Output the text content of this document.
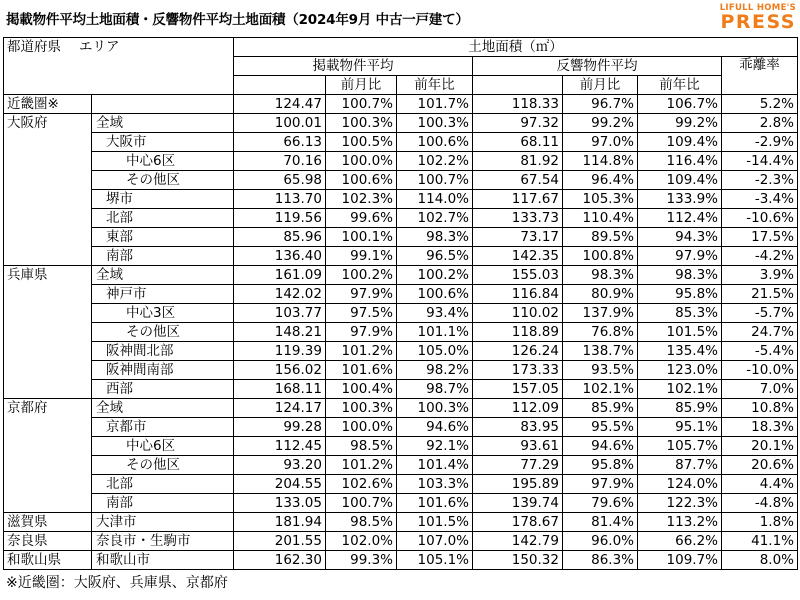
掲載物件平均土地面積・反響物件平均土地面積（2024年9月 中古一戸建て）
LIFULL HOME'S
PRESS
都道府県 エリア		土地面積（㎡）						
		掲載物件平均			反響物件平均			乖離率
			前月比	前年比		前月比	前年比	
近畿圏※		124.47	100.7%	101.7%	118.33	96.7%	106.7%	5.2%
大阪府	全域	100.01	100.3%	100.3%	97.32	99.2%	99.2%	2.8%
	大阪市	66.13	100.5%	100.6%	68.11	97.0%	109.4%	-2.9%
	中心6区	70.16	100.0%	102.2%	81.92	114.8%	116.4%	-14.4%
	その他区	65.98	100.6%	100.7%	67.54	96.4%	109.4%	-2.3%
	堺市	113.70	102.3%	114.0%	117.67	105.3%	133.9%	-3.4%
	北部	119.56	99.6%	102.7%	133.73	110.4%	112.4%	-10.6%
	東部	85.96	100.1%	98.3%	73.17	89.5%	94.3%	17.5%
	南部	136.40	99.1%	96.5%	142.35	100.8%	97.9%	-4.2%
兵庫県	全域	161.09	100.2%	100.2%	155.03	98.3%	98.3%	3.9%
	神戸市	142.02	97.9%	100.6%	116.84	80.9%	95.8%	21.5%
	中心3区	103.77	97.5%	93.4%	110.02	137.9%	85.3%	-5.7%
	その他区	148.21	97.9%	101.1%	118.89	76.8%	101.5%	24.7%
	阪神間北部	119.39	101.2%	105.0%	126.24	138.7%	135.4%	-5.4%
	阪神間南部	156.02	101.6%	98.2%	173.33	93.5%	123.0%	-10.0%
	西部	168.11	100.4%	98.7%	157.05	102.1%	102.1%	7.0%
京都府	全域	124.17	100.3%	100.3%	112.09	85.9%	85.9%	10.8%
	京都市	99.28	100.0%	94.6%	83.95	95.5%	95.1%	18.3%
	中心6区	112.45	98.5%	92.1%	93.61	94.6%	105.7%	20.1%
	その他区	93.20	101.2%	101.4%	77.29	95.8%	87.7%	20.6%
	北部	204.55	102.6%	103.3%	195.89	97.9%	124.0%	4.4%
	南部	133.05	100.7%	101.6%	139.74	79.6%	122.3%	-4.8%
滋賀県	大津市	181.94	98.5%	101.5%	178.67	81.4%	113.2%	1.8%
奈良県	奈良市・生駒市	201.55	102.0%	107.0%	142.79	96.0%	66.2%	41.1%
和歌山県	和歌山市	162.30	99.3%	105.1%	150.32	86.3%	109.7%	8.0%
※近畿圏：大阪府、兵庫県、京都府
